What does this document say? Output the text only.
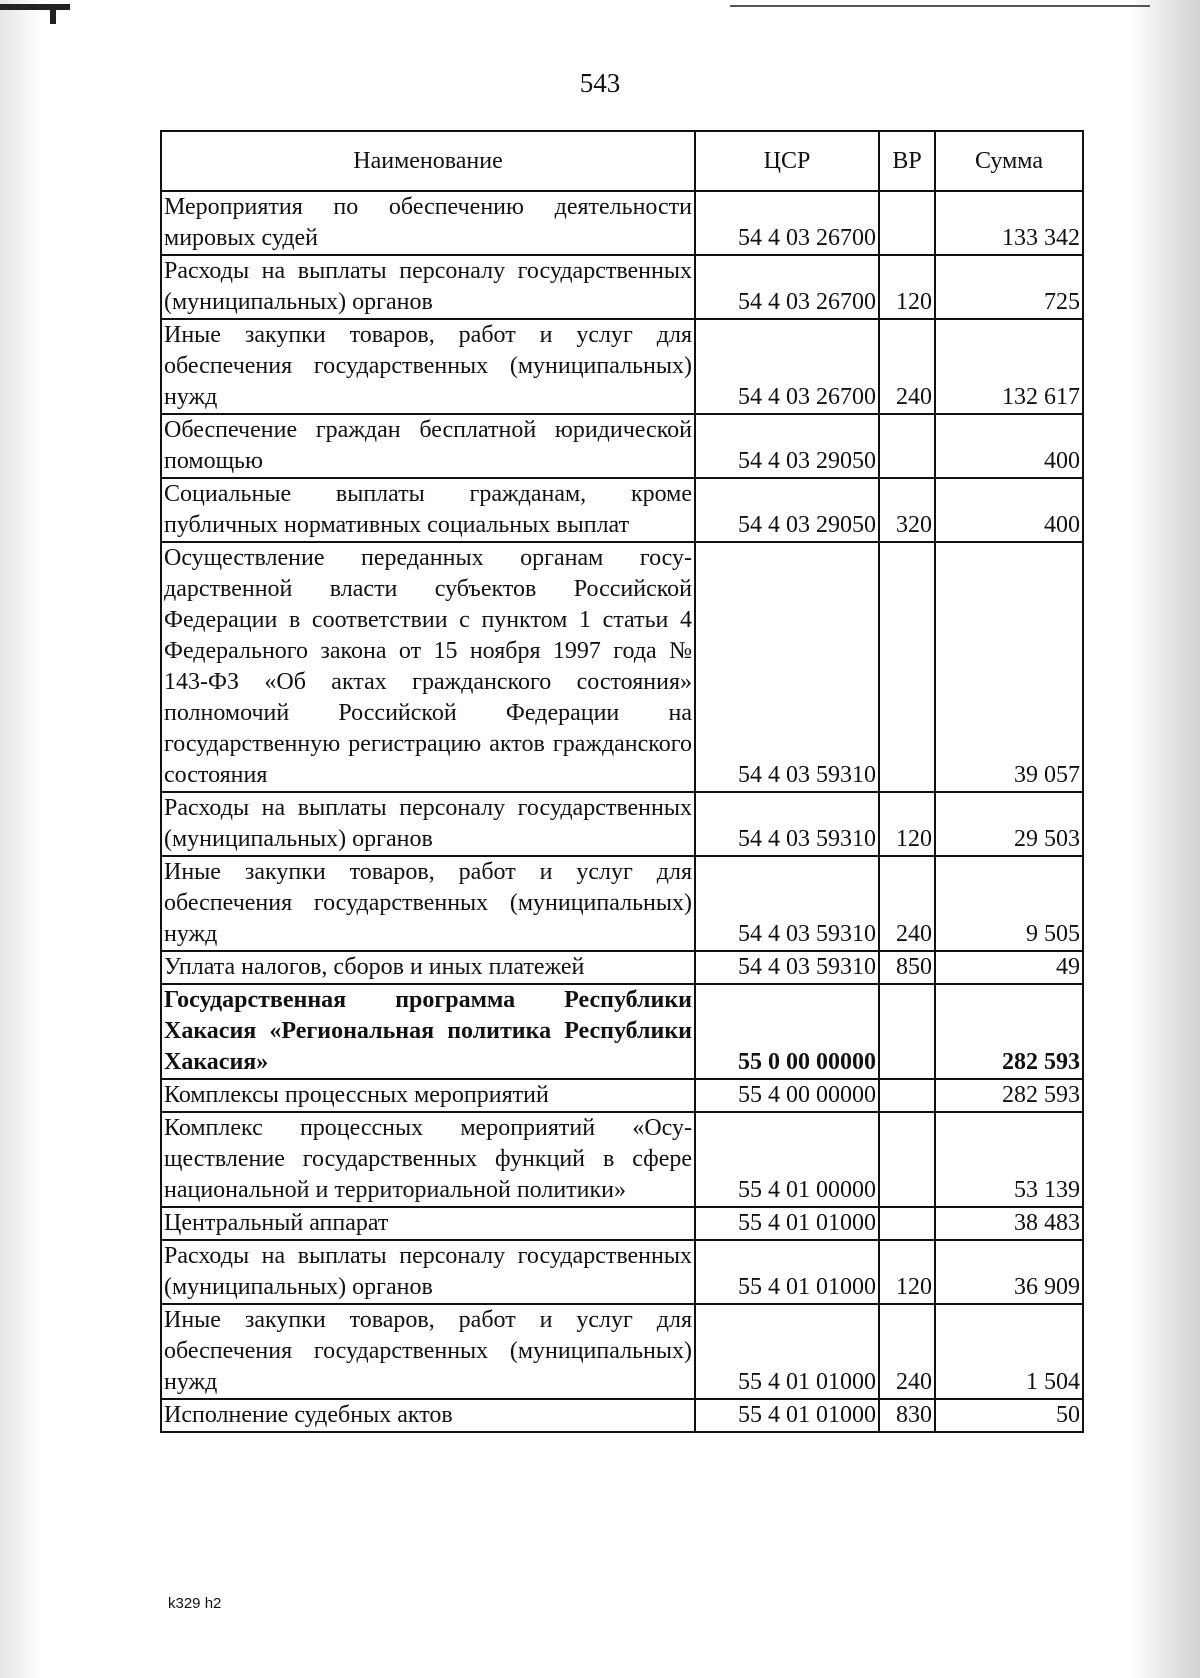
543
Наименование	ЦСР	ВР	Сумма
Мероприятия по обеспечению деятельности мировых судей	54 4 03 26700		133 342
Расходы на выплаты персоналу государственных (муниципальных) органов	54 4 03 26700	120	725
Иные закупки товаров, работ и услуг для обеспечения государственных (муниципальных) нужд	54 4 03 26700	240	132 617
Обеспечение граждан бесплатной юридической помощью	54 4 03 29050		400
Социальные выплаты гражданам, кроме публичных нормативных социальных выплат	54 4 03 29050	320	400
Осуществление переданных органам государственной власти субъектов Российской Федерации в соответствии с пунктом 1 статьи 4 Федерального закона от 15 ноября 1997 года № 143-ФЗ «Об актах гражданского состояния» полномочий Российской Федерации на государственную регистрацию актов гражданского состояния	54 4 03 59310		39 057
Расходы на выплаты персоналу государственных (муниципальных) органов	54 4 03 59310	120	29 503
Иные закупки товаров, работ и услуг для обеспечения государственных (муниципальных) нужд	54 4 03 59310	240	9 505
Уплата налогов, сборов и иных платежей	54 4 03 59310	850	49
Государственная программа Республики Хакасия «Региональная политика Республики Хакасия»	55 0 00 00000		282 593
Комплексы процессных мероприятий	55 4 00 00000		282 593
Комплекс процессных мероприятий «Осуществление государственных функций в сфере национальной и территориальной политики»	55 4 01 00000		53 139
Центральный аппарат	55 4 01 01000		38 483
Расходы на выплаты персоналу государственных (муниципальных) органов	55 4 01 01000	120	36 909
Иные закупки товаров, работ и услуг для обеспечения государственных (муниципальных) нужд	55 4 01 01000	240	1 504
Исполнение судебных актов	55 4 01 01000	830	50
k329 h2
